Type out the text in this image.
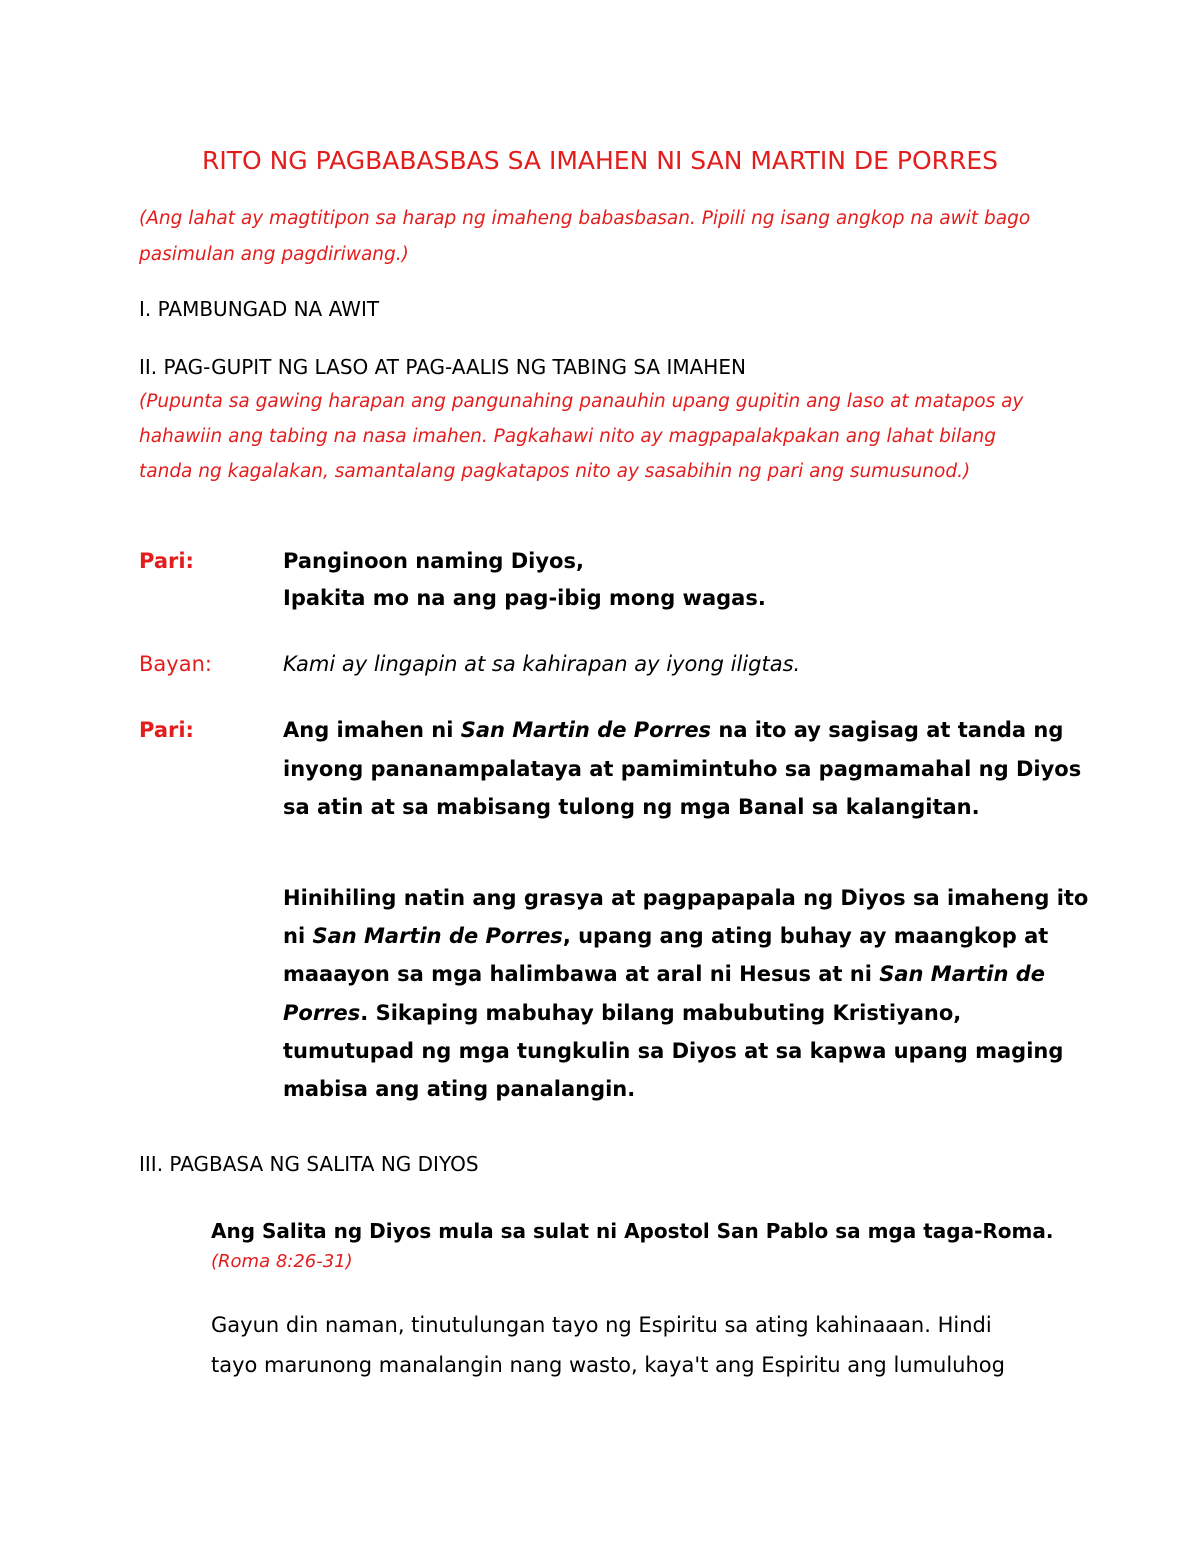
RITO NG PAGBABASBAS SA IMAHEN NI SAN MARTIN DE PORRES
(Ang lahat ay magtitipon sa harap ng imaheng babasbasan. Pipili ng isang angkop na awit bago
pasimulan ang pagdiriwang.)
I. PAMBUNGAD NA AWIT
II. PAG-GUPIT NG LASO AT PAG-AALIS NG TABING SA IMAHEN
(Pupunta sa gawing harapan ang pangunahing panauhin upang gupitin ang laso at matapos ay
hahawiin ang tabing na nasa imahen. Pagkahawi nito ay magpapalakpakan ang lahat bilang
tanda ng kagalakan, samantalang pagkatapos nito ay sasabihin ng pari ang sumusunod.)
Pari:	Panginoon naming Diyos,
Ipakita mo na ang pag-ibig mong wagas.
Bayan:	Kami ay lingapin at sa kahirapan ay iyong iligtas.
Pari:	Ang imahen ni San Martin de Porres na ito ay sagisag at tanda ng
inyong pananampalataya at pamimintuho sa pagmamahal ng Diyos
sa atin at sa mabisang tulong ng mga Banal sa kalangitan.
Hinihiling natin ang grasya at pagpapapala ng Diyos sa imaheng ito
ni San Martin de Porres, upang ang ating buhay ay maangkop at
maaayon sa mga halimbawa at aral ni Hesus at ni San Martin de
Porres. Sikaping mabuhay bilang mabubuting Kristiyano,
tumutupad ng mga tungkulin sa Diyos at sa kapwa upang maging
mabisa ang ating panalangin.
III. PAGBASA NG SALITA NG DIYOS
Ang Salita ng Diyos mula sa sulat ni Apostol San Pablo sa mga taga-Roma.
(Roma 8:26-31)
Gayun din naman, tinutulungan tayo ng Espiritu sa ating kahinaaan. Hindi
tayo marunong manalangin nang wasto, kaya't ang Espiritu ang lumuluhog
